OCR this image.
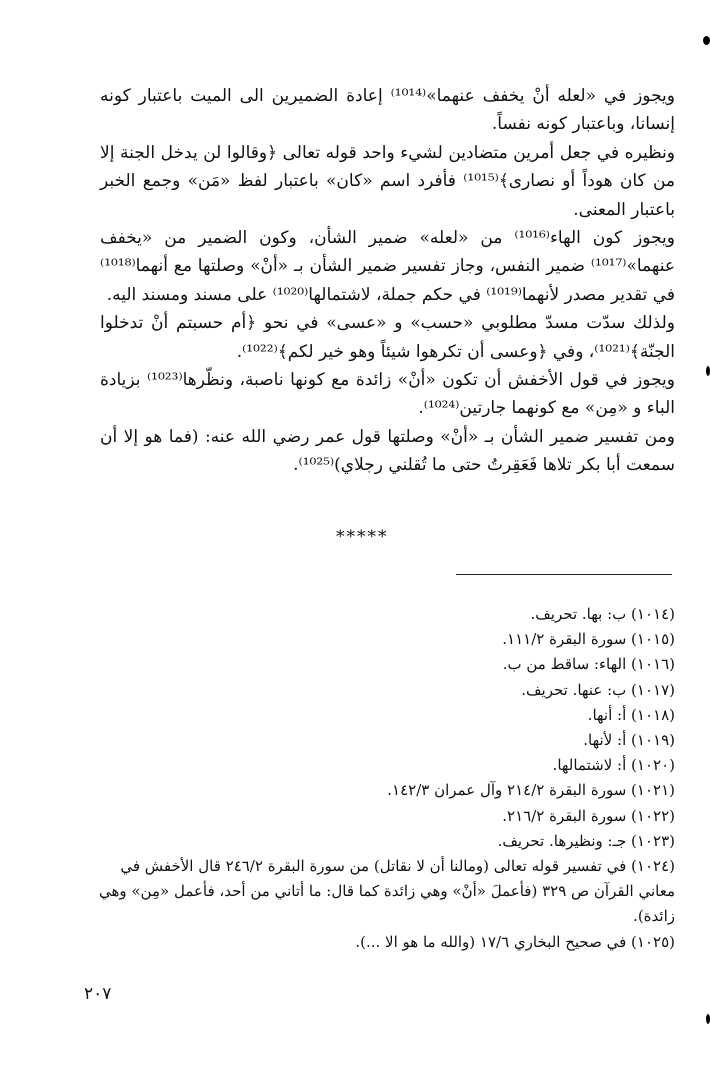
ويجوز في «لعله أنْ يخفف عنهما»⁽¹⁰¹⁴⁾ إعادة الضميرين الى الميت باعتبار كونه إنسانا، وباعتبار كونه نفساً.

ونظيره في جعل أمرين متضادين لشيء واحد قوله تعالى ﴿وقالوا لن يدخل الجنة إلا من كان هوداً أو نصارى﴾⁽¹⁰¹⁵⁾ فأفرد اسم «كان» باعتبار لفظ «مَن» وجمع الخبر باعتبار المعنى.

ويجوز كون الهاء⁽¹⁰¹⁶⁾ من «لعله» ضمير الشأن، وكون الضمير من «يخفف عنهما»⁽¹⁰¹⁷⁾ ضمير النفس، وجاز تفسير ضمير الشأن بـ «أنْ» وصلتها مع أنهما⁽¹⁰¹⁸⁾ في تقدير مصدر لأنهما⁽¹⁰¹⁹⁾ في حكم جملة، لاشتمالها⁽¹⁰²⁰⁾ على مسند ومسند اليه.

ولذلك سدّت مسدّ مطلوبي «حسب» و «عسى» في نحو ﴿أم حسبتم أنْ تدخلوا الجنّة﴾⁽¹⁰²¹⁾، وفي ﴿وعسى أن تكرهوا شيئاً وهو خير لكم﴾⁽¹⁰²²⁾.

ويجوز في قول الأخفش أن تكون «أنْ» زائدة مع كونها ناصبة، ونظّرها⁽¹⁰²³⁾ بزيادة الباء و «مِن» مع كونهما جارتين⁽¹⁰²⁴⁾.

ومن تفسير ضمير الشأن بـ «أنْ» وصلتها قول عمر رضي الله عنه: (فما هو إلا أن سمعت أبا بكر تلاها فَعَقِرتُ حتى ما تُقلني رجلاي)⁽¹⁰²⁵⁾.

*****

(١٠١٤) ب: بها. تحريف.

(١٠١٥) سورة البقرة ١١١/٢.

(١٠١٦) الهاء: ساقط من ب.

(١٠١٧) ب: عنها. تحريف.

(١٠١٨) أ: أنها.

(١٠١٩) أ: لأنها.

(١٠٢٠) أ: لاشتمالها.

(١٠٢١) سورة البقرة ٢١٤/٢ وآل عمران ١٤٢/٣.

(١٠٢٢) سورة البقرة ٢١٦/٢.

(١٠٢٣) جـ: ونظيرها. تحريف.

(١٠٢٤) في تفسير قوله تعالى (ومالنا أن لا نقاتل) من سورة البقرة ٢٤٦/٢ قال الأخفش في معاني القرآن ص ٣٢٩ (فأعملَ «أنْ» وهي زائدة كما قال: ما أتاني من أحد، فأعمل «مِن» وهي زائدة).

(١٠٢٥) في صحيح البخاري ١٧/٦ (والله ما هو الا ...).

٢٠٧
